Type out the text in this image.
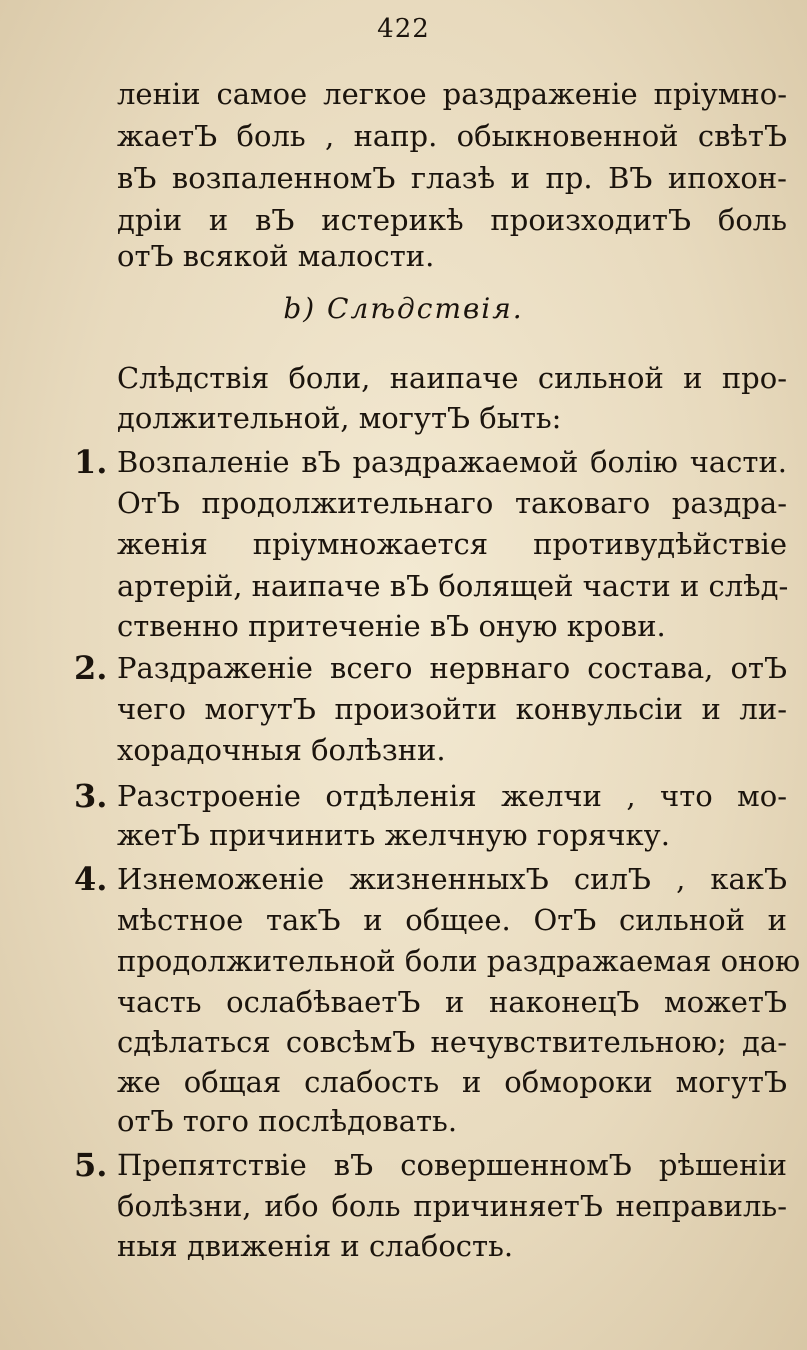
422
леніи самое легкое раздраженіе пріумно-
жаетЪ боль , напр. обыкновенной свѣтЪ
вЪ возпаленномЪ глазѣ и пр. ВЪ ипохон-
дріи и вЪ истерикѣ произходитЪ боль
отЪ всякой малости.
b) Слѣдствія.
Слѣдствія боли, наипаче сильной и про-
должительной, могутЪ быть:
1. Возпаленіе вЪ раздражаемой болію части.
ОтЪ продолжительнаго таковаго раздра-
женія пріумножается противудѣйствіе
артерій, наипаче вЪ болящей части и слѣд-
ственно притеченіе вЪ оную крови.
2. Раздраженіе всего нервнаго состава, отЪ
чего могутЪ произойти конвульсіи и ли-
хорадочныя болѣзни.
3. Разстроеніе отдѣленія желчи , что мо-
жетЪ причинить желчную горячку.
4. Изнеможеніе жизненныхЪ силЪ , какЪ
мѣстное такЪ и общее. ОтЪ сильной и
продолжительной боли раздражаемая оною
часть ослабѣваетЪ и наконецЪ можетЪ
сдѣлаться совсѣмЪ нечувствительною; да-
же общая слабость и обмороки могутЪ
отЪ того послѣдовать.
5. Препятствіе вЪ совершенномЪ рѣшеніи
болѣзни, ибо боль причиняетЪ неправиль-
ныя движенія и слабость.
